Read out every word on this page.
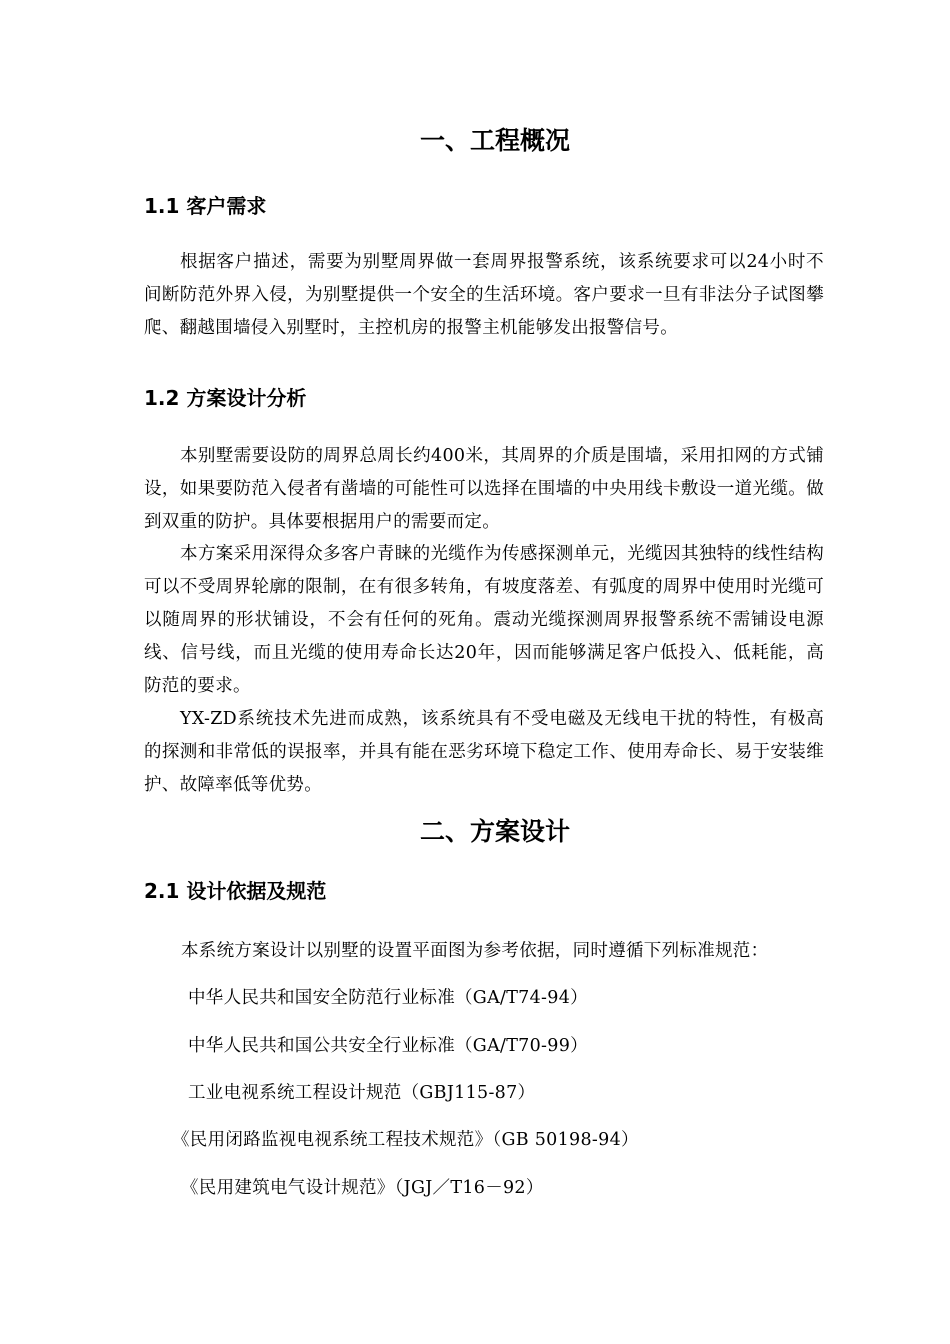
一、工程概况
1.1 客户需求

根据客户描述，需要为别墅周界做一套周界报警系统，该系统要求可以24小时不间断防范外界入侵，为别墅提供一个安全的生活环境。客户要求一旦有非法分子试图攀爬、翻越围墙侵入别墅时，主控机房的报警主机能够发出报警信号。

1.2 方案设计分析

本别墅需要设防的周界总周长约400米，其周界的介质是围墙，采用扣网的方式铺设，如果要防范入侵者有凿墙的可能性可以选择在围墙的中央用线卡敷设一道光缆。做到双重的防护。具体要根据用户的需要而定。

本方案采用深得众多客户青睐的光缆作为传感探测单元，光缆因其独特的线性结构可以不受周界轮廓的限制，在有很多转角，有坡度落差、有弧度的周界中使用时光缆可以随周界的形状铺设，不会有任何的死角。震动光缆探测周界报警系统不需铺设电源线、信号线，而且光缆的使用寿命长达20年，因而能够满足客户低投入、低耗能，高防范的要求。

YX-ZD系统技术先进而成熟，该系统具有不受电磁及无线电干扰的特性，有极高的探测和非常低的误报率，并具有能在恶劣环境下稳定工作、使用寿命长、易于安装维护、故障率低等优势。

二、方案设计
2.1 设计依据及规范

本系统方案设计以别墅的设置平面图为参考依据，同时遵循下列标准规范：

中华人民共和国安全防范行业标准（GA/T74-94）

中华人民共和国公共安全行业标准（GA/T70-99）

工业电视系统工程设计规范（GBJ115-87）

《民用闭路监视电视系统工程技术规范》（GB 50198-94）

《民用建筑电气设计规范》（JGJ／T16－92）
